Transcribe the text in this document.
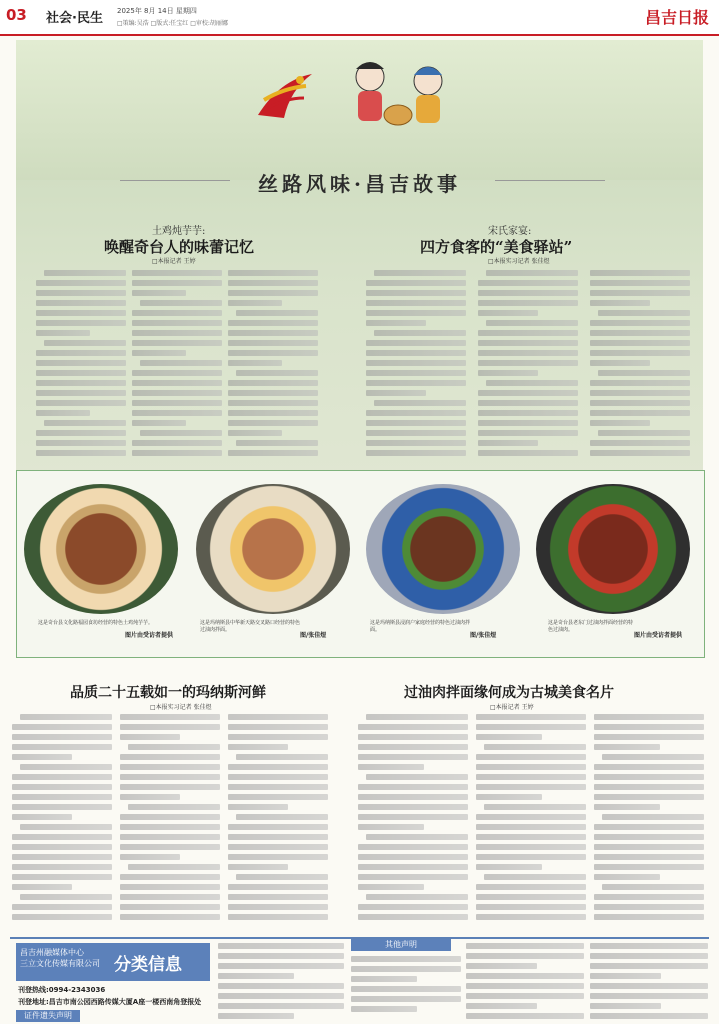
03 社会·民生 2025年 8月 14日 星期四
□策编:吴浩 □版式:任宝红 □审校:胡丽娜	昌吉日报
丝路风味·昌吉故事
土鸡炖芋芋:
唤醒奇台人的味蕾记忆
□本报记者 王婷
宋氏家宴:
四方食客的“美食驿站”
□本报实习记者 张佳煜
这是奇台县文化路福园食坊经营的特色土鸡炖芋芋。
图片由受访者提供
这是玛纳斯县中华新天路交叉路口经营的特色过油肉拌面。
图/张佳煜
这是玛纳斯县浸润户家庭经营的特色过油肉拌面。
图/张佳煜
这是奇台县老东门过油肉拌面经营的特色过油肉。
图片由受访者提供
品质二十五载如一的玛纳斯河鲜
□本报实习记者 张佳煜
过油肉拌面缘何成为古城美食名片
□本报记者 王婷
昌吉州融媒体中心
三立文化传媒有限公司 分类信息
刊登热线:0994-2343036
刊登地址:昌吉市南公园西路传媒大厦A座一楼西南角登报处
证件遗失声明
其他声明
